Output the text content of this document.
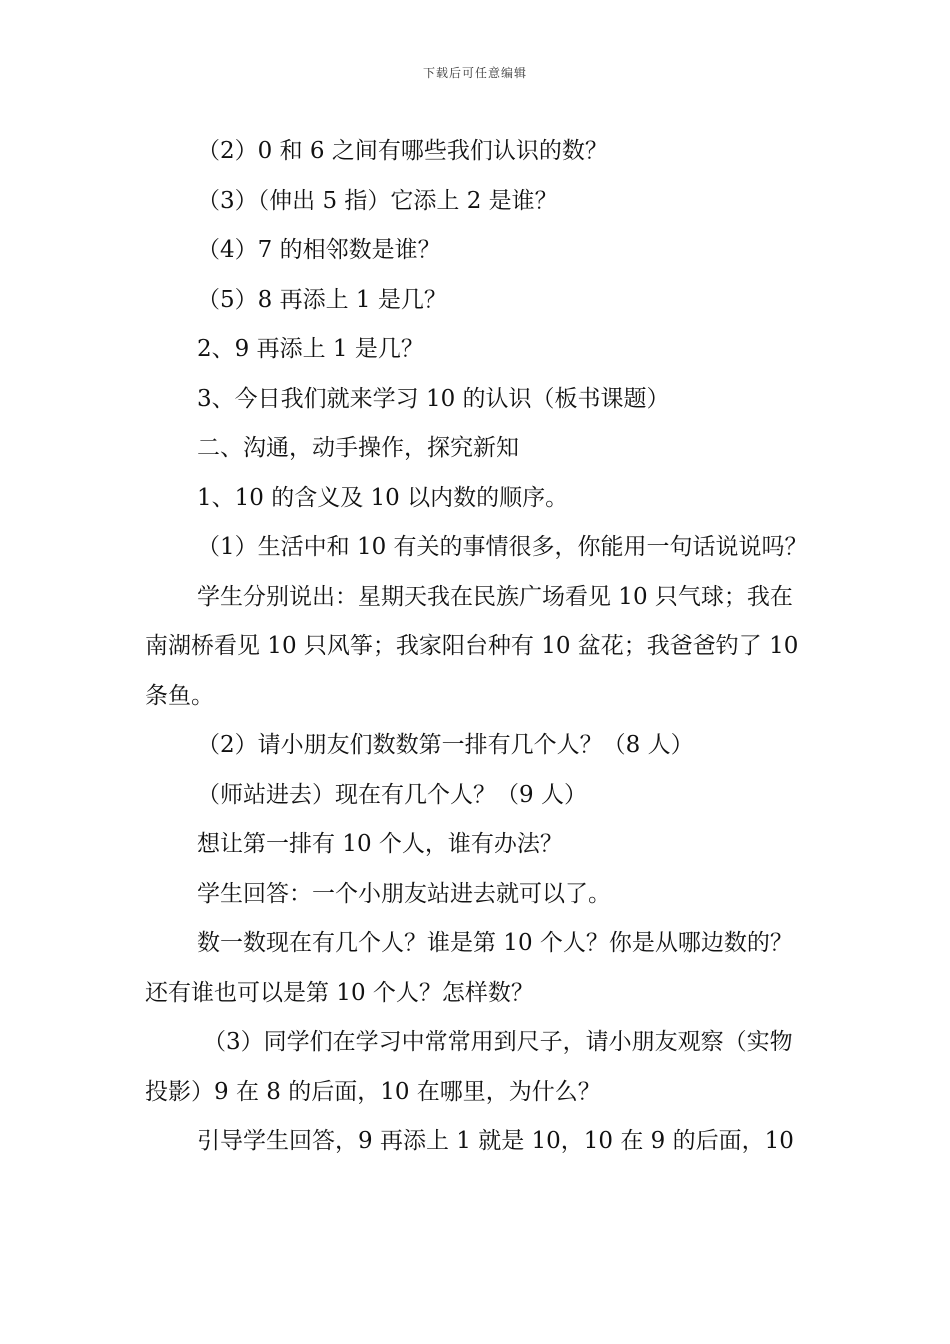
下载后可任意编辑

（2）0 和 6 之间有哪些我们认识的数？

（3）（伸出 5 指）它添上 2 是谁？

（4）7 的相邻数是谁？

（5）8 再添上 1 是几？

2、9 再添上 1 是几？

3、今日我们就来学习 10 的认识（板书课题）

二、沟通，动手操作，探究新知

1、10 的含义及 10 以内数的顺序。

（1）生活中和 10 有关的事情很多，你能用一句话说说吗？

学生分别说出：星期天我在民族广场看见 10 只气球；我在南湖桥看见 10 只风筝；我家阳台种有 10 盆花；我爸爸钓了 10 条鱼。

（2）请小朋友们数数第一排有几个人？（8 人）

（师站进去）现在有几个人？（9 人）

想让第一排有 10 个人，谁有办法？

学生回答：一个小朋友站进去就可以了。

数一数现在有几个人？谁是第 10 个人？你是从哪边数的？还有谁也可以是第 10 个人？怎样数？

（3）同学们在学习中常常用到尺子，请小朋友观察（实物投影）9 在 8 的后面，10 在哪里，为什么？

引导学生回答，9 再添上 1 就是 10，10 在 9 的后面，10
